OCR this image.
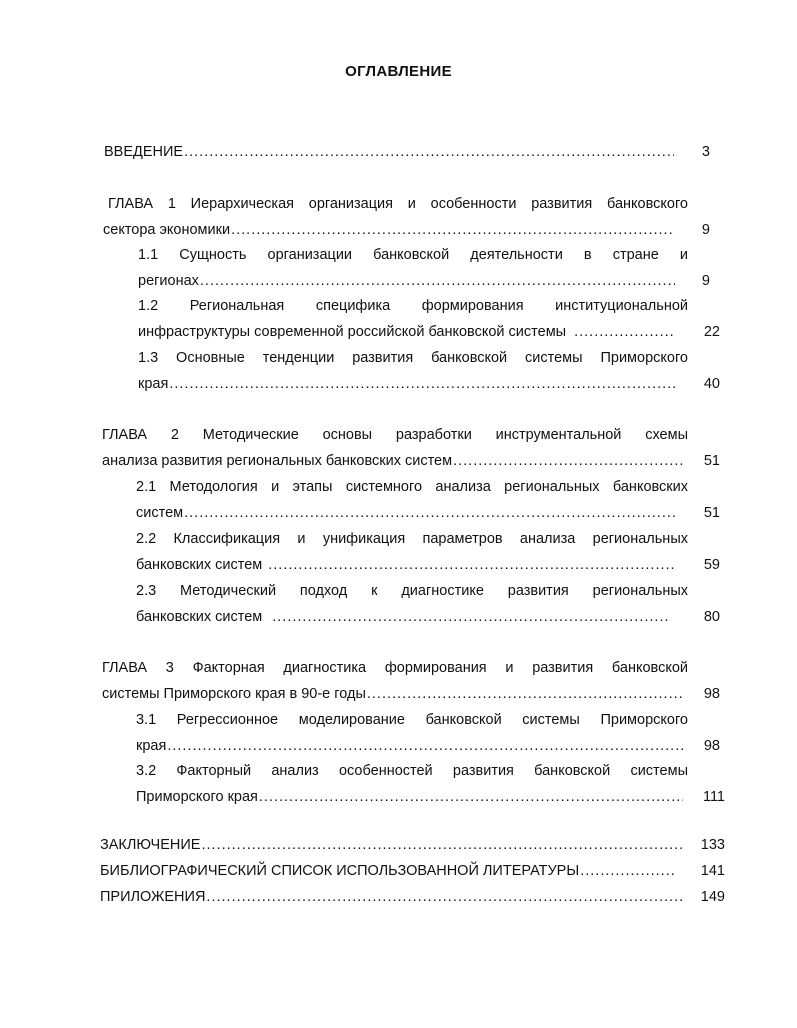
ОГЛАВЛЕНИЕ
ВВЕДЕНИЕ .....	3
ГЛАВА 1 Иерархическая организация и особенности развития банковского
сектора экономики .....	9
1.1 Сущность организации банковской деятельности в стране и
регионах .....	9
1.2 Региональная специфика формирования институциональной
инфраструктуры современной российской банковской системы .....	22
1.3 Основные тенденции развития банковской системы Приморского
края .....	40
ГЛАВА 2 Методические основы разработки инструментальной схемы
анализа развития региональных банковских систем .....	51
2.1 Методология и этапы системного анализа региональных банковских
систем .....	51
2.2 Классификация и унификация параметров анализа региональных
банковских систем .....	59
2.3 Методический подход к диагностике развития региональных
банковских систем .....	80
ГЛАВА 3 Факторная диагностика формирования и развития банковской
системы Приморского края в 90-е годы .....	98
3.1 Регрессионное моделирование банковской системы Приморского
края .....	98
3.2 Факторный анализ особенностей развития банковской системы
Приморского края .....	111
ЗАКЛЮЧЕНИЕ .....	133
БИБЛИОГРАФИЧЕСКИЙ СПИСОК ИСПОЛЬЗОВАННОЙ ЛИТЕРАТУРЫ .....	141
ПРИЛОЖЕНИЯ .....	149
